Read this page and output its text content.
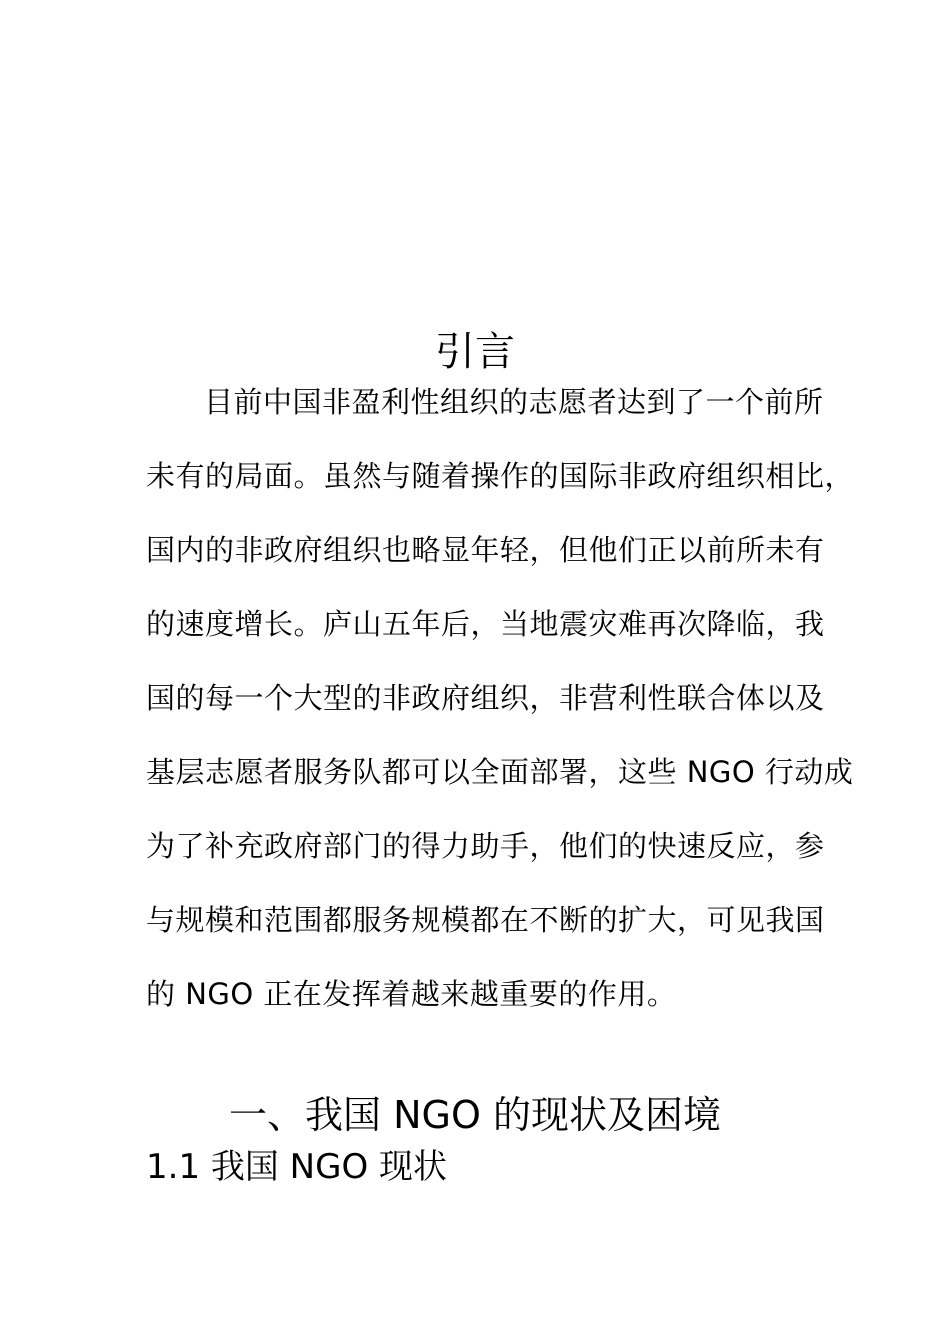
引言
目前中国非盈利性组织的志愿者达到了一个前所
未有的局面。虽然与随着操作的国际非政府组织相比，
国内的非政府组织也略显年轻，但他们正以前所未有
的速度增长。庐山五年后，当地震灾难再次降临，我
国的每一个大型的非政府组织，非营利性联合体以及
基层志愿者服务队都可以全面部署，这些 NGO 行动成
为了补充政府部门的得力助手，他们的快速反应，参
与规模和范围都服务规模都在不断的扩大，可见我国
的 NGO 正在发挥着越来越重要的作用。
一、我国 NGO 的现状及困境
1.1 我国 NGO 现状
